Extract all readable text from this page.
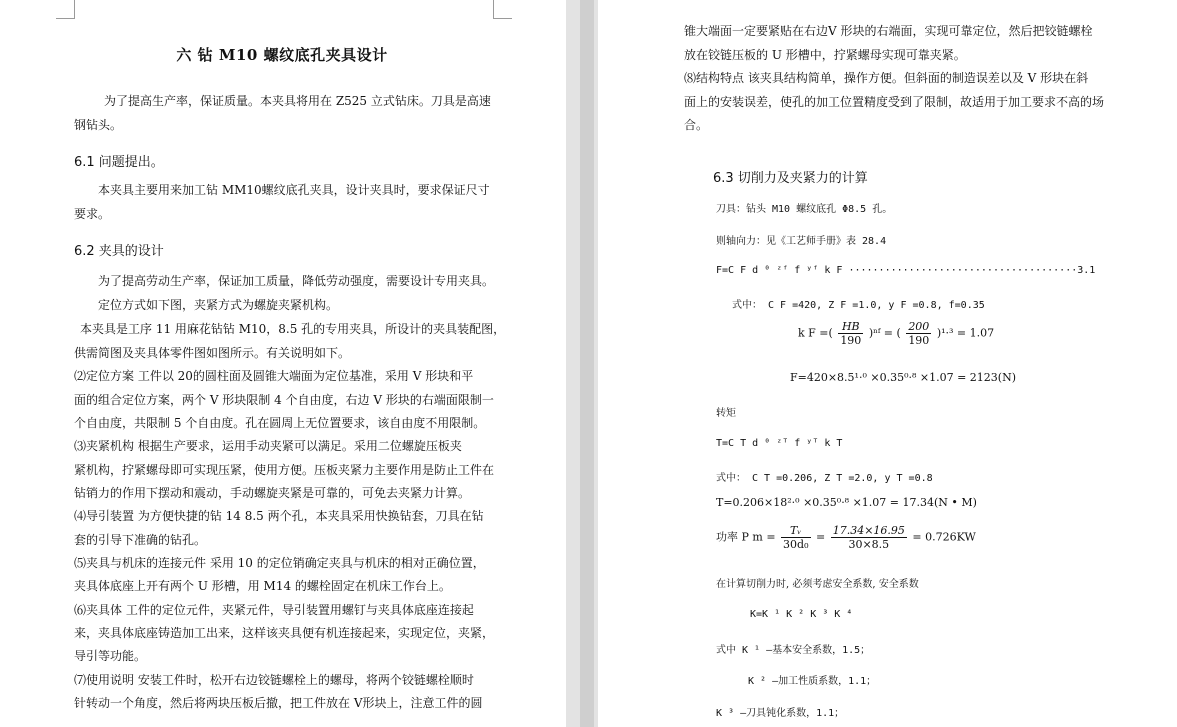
六 钻 M10 螺纹底孔夹具设计

为了提高生产率，保证质量。本夹具将用在 Z525 立式钻床。刀具是高速

钢钻头。

6.1 问题提出。

本夹具主要用来加工钻 MM10螺纹底孔夹具，设计夹具时，要求保证尺寸

要求。

6.2 夹具的设计

为了提高劳动生产率，保证加工质量，降低劳动强度，需要设计专用夹具。

定位方式如下图，夹紧方式为螺旋夹紧机构。

本夹具是工序 11 用麻花钻钻 M10，8.5 孔的专用夹具，所设计的夹具装配图，

供需简图及夹具体零件图如图所示。有关说明如下。

⑵定位方案 工件以 20的圆柱面及圆锥大端面为定位基准，采用 V 形块和平

面的组合定位方案，两个 V 形块限制 4 个自由度，右边 V 形块的右端面限制一

个自由度，共限制 5 个自由度。孔在圆周上无位置要求，该自由度不用限制。

⑶夹紧机构 根据生产要求，运用手动夹紧可以满足。采用二位螺旋压板夹

紧机构，拧紧螺母即可实现压紧，使用方便。压板夹紧力主要作用是防止工件在

钻销力的作用下摆动和震动，手动螺旋夹紧是可靠的，可免去夹紧力计算。

⑷导引装置 为方便快捷的钻 14 8.5 两个孔，本夹具采用快换钻套，刀具在钻

套的引导下准确的钻孔。

⑸夹具与机床的连接元件 采用 10 的定位销确定夹具与机床的相对正确位置，

夹具体底座上开有两个 U 形槽，用 M14 的螺栓固定在机床工作台上。

⑹夹具体 工件的定位元件，夹紧元件，导引装置用螺钉与夹具体底座连接起

来，夹具体底座铸造加工出来，这样该夹具便有机连接起来，实现定位，夹紧，

导引等功能。

⑺使用说明 安装工件时，松开右边铰链螺栓上的螺母，将两个铰链螺栓顺时

针转动一个角度，然后将两块压板后撤，把工件放在 V形块上，注意工件的圆

锥大端面一定要紧贴在右边V 形块的右端面，实现可靠定位，然后把铰链螺栓

放在铰链压板的 U 形槽中，拧紧螺母实现可靠夹紧。

⑻结构特点 该夹具结构简单，操作方便。但斜面的制造误差以及 V 形块在斜

面上的安装误差，使孔的加工位置精度受到了限制，故适用于加工要求不高的场

合。

6.3 切削力及夹紧力的计算
刀具：钻头 M10 螺纹底孔 Φ8.5 孔。
则轴向力：见《工艺师手册》表 28.4
F=C F d ⁰ ᶻᶠ f ʸᶠ k F ······································3.1
式中： C F =420, Z F =1.0, y F =0.8, f=0.35
k F =( $\frac{HB}{190}$ )ⁿᶠ = ( $\frac{200}{190} )^1\cdot^3 = 1.07$
F=420×8.5¹·⁰ ×0.35⁰·⁸ ×1.07 = 2123(N)
转矩
T=C T d ⁰ ᶻᵀ f ʸᵀ k T
式中： C T =0.206, Z T =2.0, y T =0.8
T=0.206×18²·⁰ ×0.35⁰·⁸ ×1.07 = 17.34(N • M)
功率 P $m = \frac{\text{Tᵥ}}{\text{30d₀}} = \frac{17.34\times 16.95}{30\times 8.5} = 0.726KW$
在计算切削力时, 必须考虑安全系数, 安全系数
K=K ¹ K ² K ³ K ⁴
式中 K ¹ —基本安全系数，1.5；
K ² —加工性质系数，1.1；
K ³ —刀具钝化系数，1.1；
